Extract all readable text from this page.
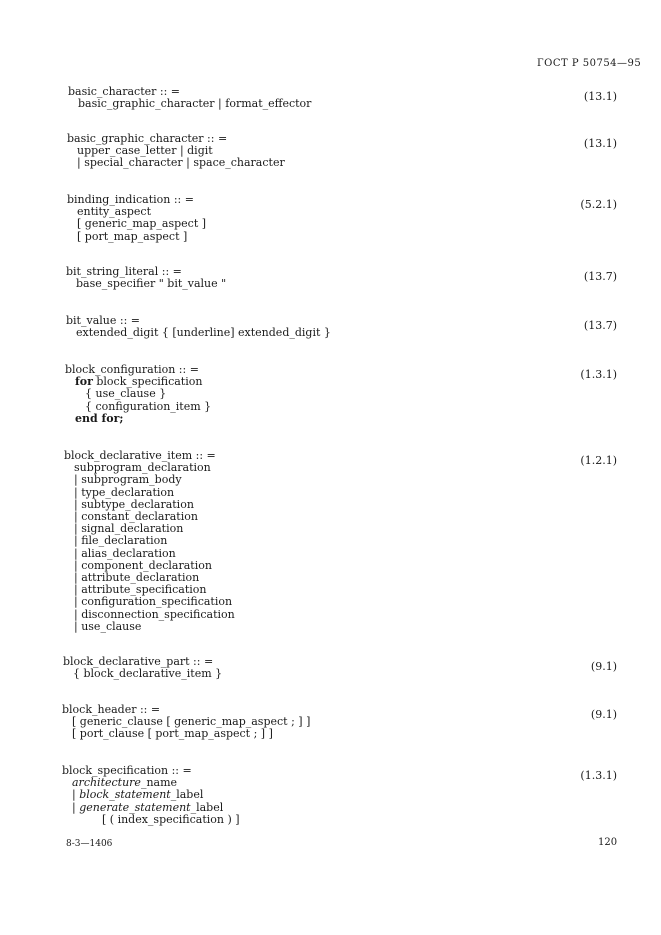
ГОСТ Р 50754—95
basic_character :: =
basic_graphic_character | format_effector
(13.1)
basic_graphic_character :: =
upper_case_letter | digit
| special_character | space_character
(13.1)
binding_indication :: =
entity_aspect
[ generic_map_aspect ]
[ port_map_aspect ]
(5.2.1)
bit_string_literal :: =
base_specifier " bit_value "
(13.7)
bit_value :: =
extended_digit { [underline] extended_digit }
(13.7)
block_configuration :: =
for block_specification
{ use_clause }
{ configuration_item }
end for;
(1.3.1)
block_declarative_item :: =
subprogram_declaration
| subprogram_body
| type_declaration
| subtype_declaration
| constant_declaration
| signal_declaration
| file_declaration
| alias_declaration
| component_declaration
| attribute_declaration
| attribute_specification
| configuration_specification
| disconnection_specification
| use_clause
(1.2.1)
block_declarative_part :: =
{ block_declarative_item }
(9.1)
block_header :: =
[ generic_clause [ generic_map_aspect ; ] ]
[ port_clause [ port_map_aspect ; ] ]
(9.1)
block_specification :: =
architecture_name
| block_statement_label
| generate_statement_label
[ ( index_specification ) ]
(1.3.1)
8-3—1406	120
